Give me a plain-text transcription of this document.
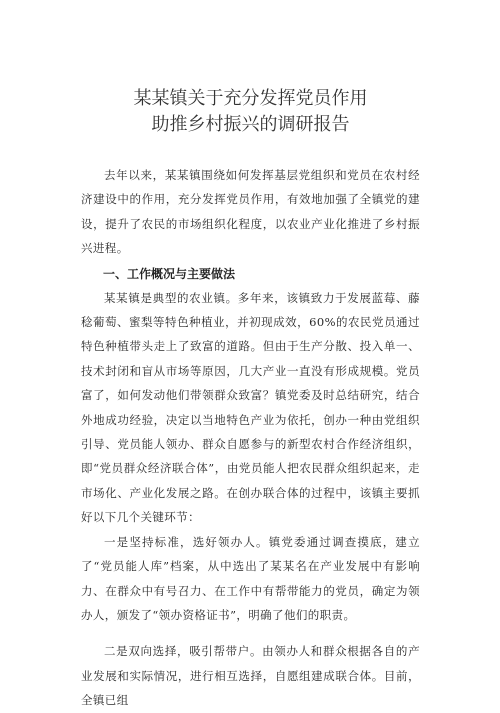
某某镇关于充分发挥党员作用
助推乡村振兴的调研报告

去年以来，某某镇围绕如何发挥基层党组织和党员在农村经济建设中的作用，充分发挥党员作用，有效地加强了全镇党的建设，提升了农民的市场组织化程度，以农业产业化推进了乡村振兴进程。

一、工作概况与主要做法

某某镇是典型的农业镇。多年来，该镇致力于发展蓝莓、藤稔葡萄、蜜梨等特色种植业，并初现成效，60%的农民党员通过特色种植带头走上了致富的道路。但由于生产分散、投入单一、技术封闭和盲从市场等原因，几大产业一直没有形成规模。党员富了，如何发动他们带领群众致富？镇党委及时总结研究，结合外地成功经验，决定以当地特色产业为依托，创办一种由党组织引导、党员能人领办、群众自愿参与的新型农村合作经济组织，即“党员群众经济联合体”，由党员能人把农民群众组织起来，走市场化、产业化发展之路。在创办联合体的过程中，该镇主要抓好以下几个关键环节：

一是坚持标准，选好领办人。镇党委通过调查摸底，建立了“党员能人库”档案，从中选出了某某名在产业发展中有影响力、在群众中有号召力、在工作中有帮带能力的党员，确定为领办人，颁发了“领办资格证书”，明确了他们的职责。

二是双向选择，吸引帮带户。由领办人和群众根据各自的产业发展和实际情况，进行相互选择，自愿组建成联合体。目前，全镇已组
